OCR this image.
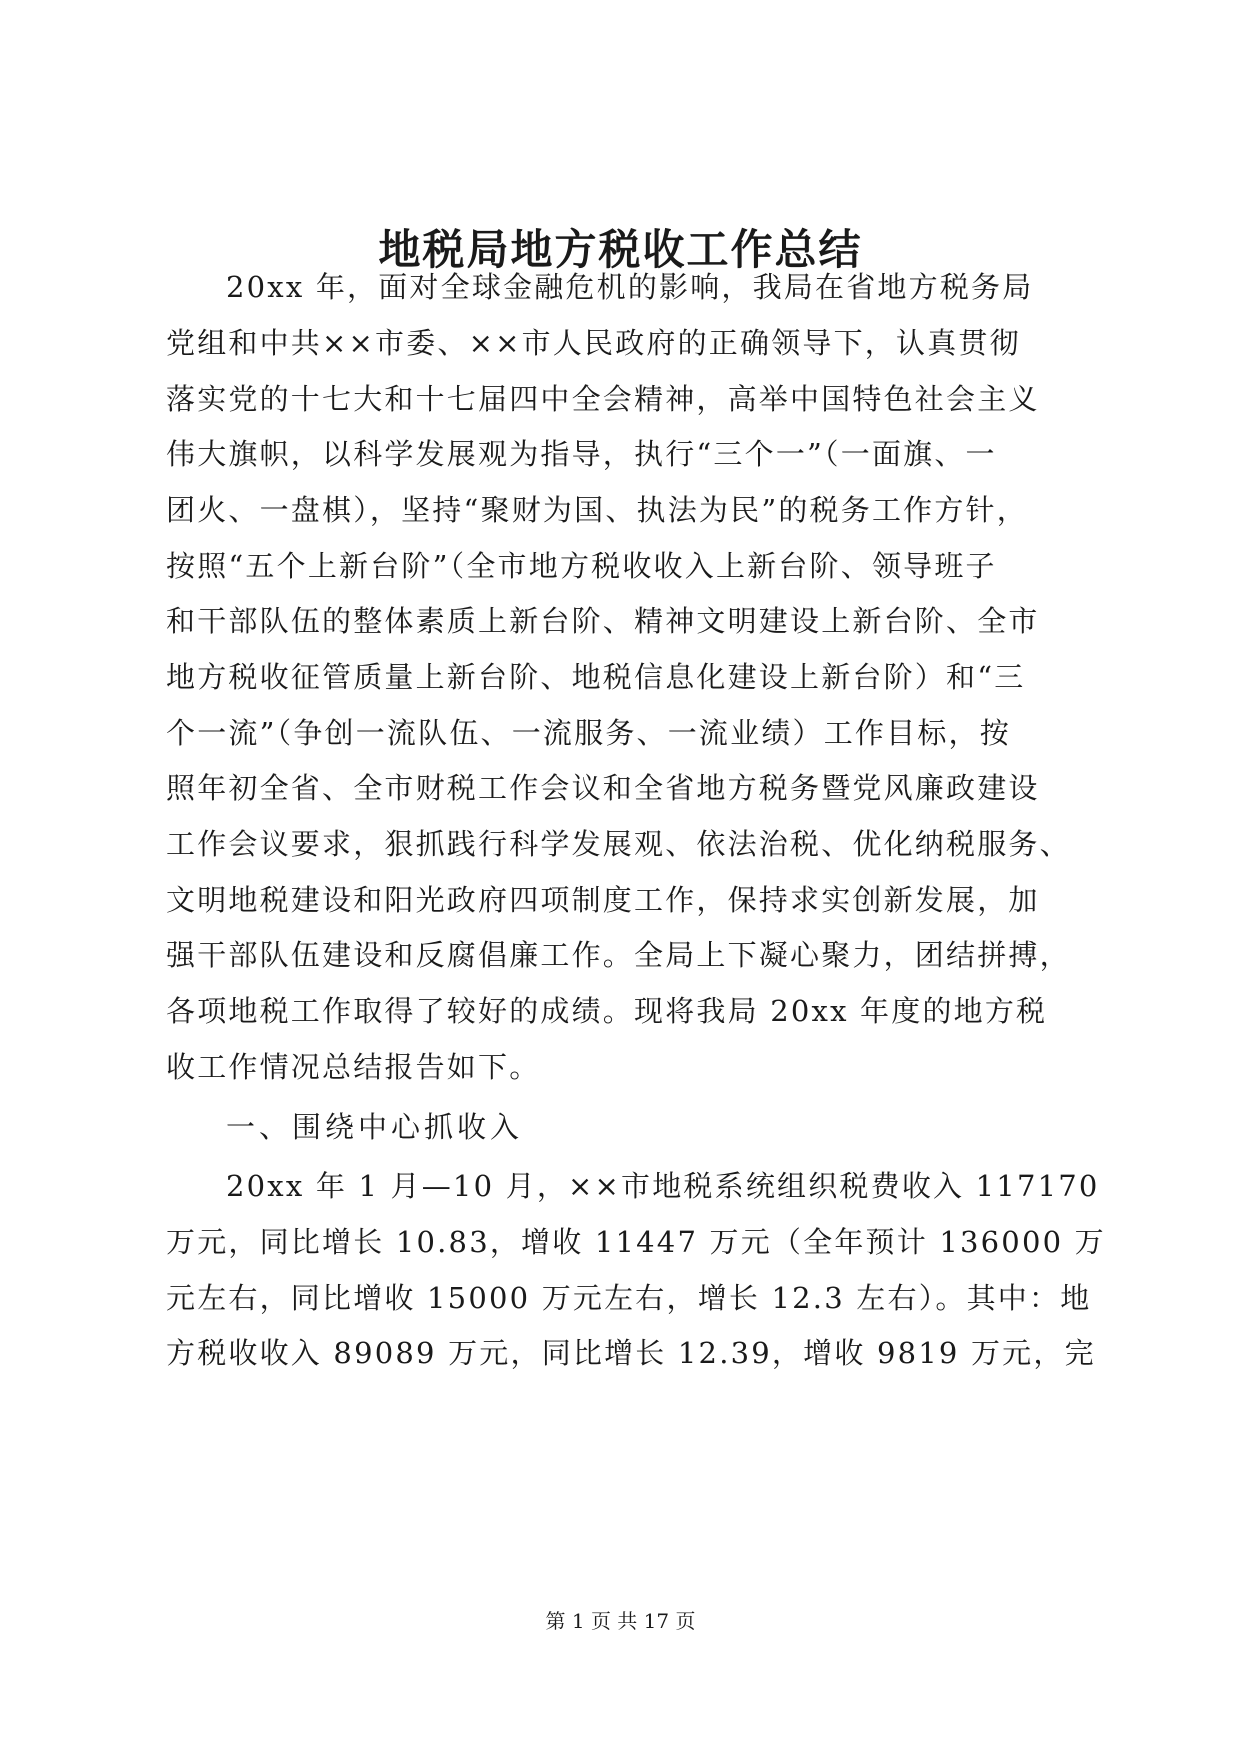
地税局地方税收工作总结
20xx 年，面对全球金融危机的影响，我局在省地方税务局
党组和中共××市委、××市人民政府的正确领导下，认真贯彻
落实党的十七大和十七届四中全会精神，高举中国特色社会主义
伟大旗帜，以科学发展观为指导，执行“三个一”（一面旗、一
团火、一盘棋），坚持“聚财为国、执法为民”的税务工作方针，
按照“五个上新台阶”（全市地方税收收入上新台阶、领导班子
和干部队伍的整体素质上新台阶、精神文明建设上新台阶、全市
地方税收征管质量上新台阶、地税信息化建设上新台阶）和“三
个一流”（争创一流队伍、一流服务、一流业绩）工作目标，按
照年初全省、全市财税工作会议和全省地方税务暨党风廉政建设
工作会议要求，狠抓践行科学发展观、依法治税、优化纳税服务、
文明地税建设和阳光政府四项制度工作，保持求实创新发展，加
强干部队伍建设和反腐倡廉工作。全局上下凝心聚力，团结拼搏，
各项地税工作取得了较好的成绩。现将我局 20xx 年度的地方税
收工作情况总结报告如下。
一、围绕中心抓收入
20xx 年 1 月—10 月，××市地税系统组织税费收入 117170
万元，同比增长 10.83，增收 11447 万元（全年预计 136000 万
元左右，同比增收 15000 万元左右，增长 12.3 左右）。其中：地
方税收收入 89089 万元，同比增长 12.39，增收 9819 万元，完
第 1 页 共 17 页
